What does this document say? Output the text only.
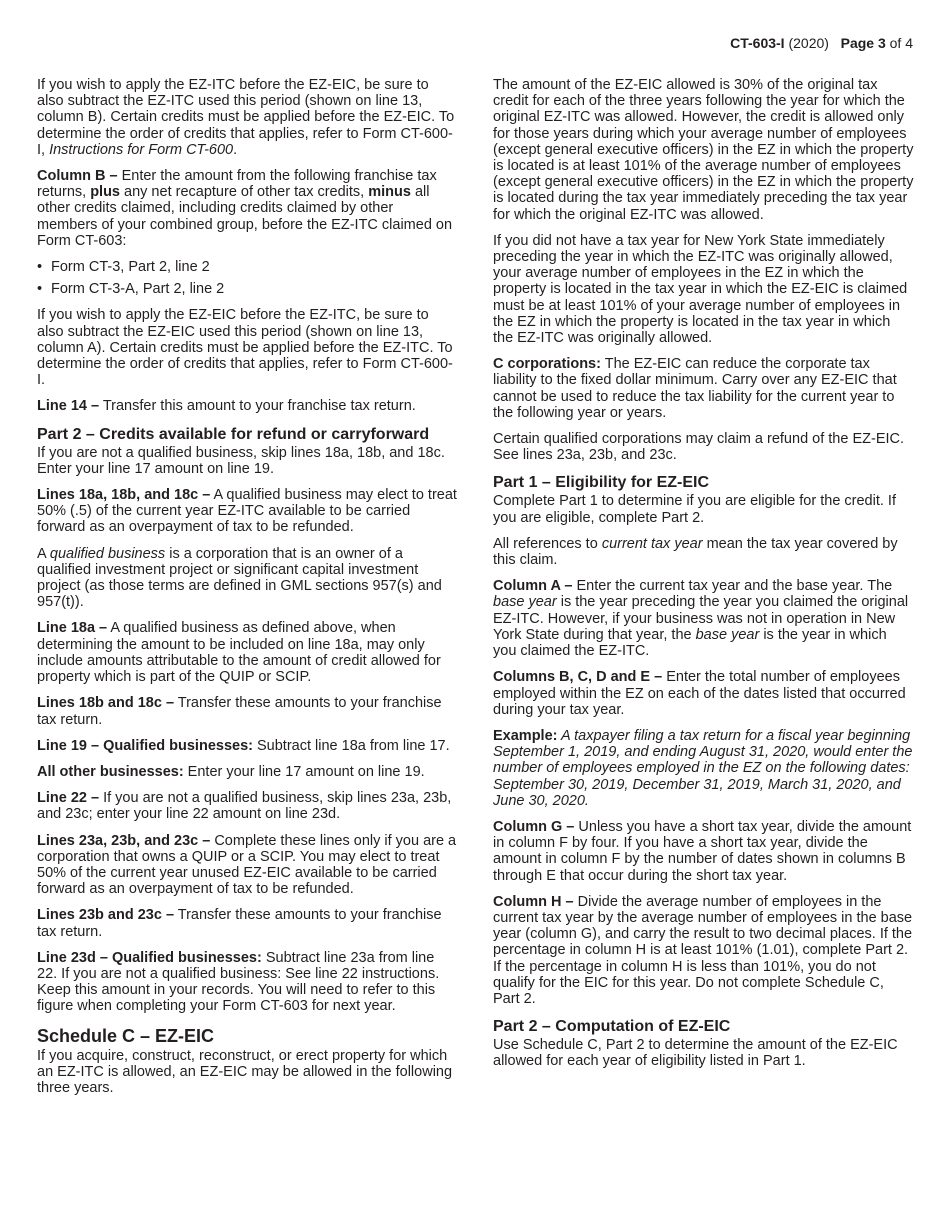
CT-603-I (2020) Page 3 of 4

If you wish to apply the EZ-ITC before the EZ-EIC, be sure to also subtract the EZ-ITC used this period (shown on line 13, column B). Certain credits must be applied before the EZ-EIC. To determine the order of credits that applies, refer to Form CT-600-I, Instructions for Form CT-600.

Column B – Enter the amount from the following franchise tax returns, plus any net recapture of other tax credits, minus all other credits claimed, including credits claimed by other members of your combined group, before the EZ-ITC claimed on Form CT-603:

• Form CT-3, Part 2, line 2
• Form CT-3-A, Part 2, line 2

If you wish to apply the EZ-EIC before the EZ-ITC, be sure to also subtract the EZ-EIC used this period (shown on line 13, column A). Certain credits must be applied before the EZ-ITC. To determine the order of credits that applies, refer to Form CT-600-I.

Line 14 – Transfer this amount to your franchise tax return.

Part 2 – Credits available for refund or carryforward

If you are not a qualified business, skip lines 18a, 18b, and 18c. Enter your line 17 amount on line 19.

Lines 18a, 18b, and 18c – A qualified business may elect to treat 50% (.5) of the current year EZ-ITC available to be carried forward as an overpayment of tax to be refunded.

A qualified business is a corporation that is an owner of a qualified investment project or significant capital investment project (as those terms are defined in GML sections 957(s) and 957(t)).

Line 18a – A qualified business as defined above, when determining the amount to be included on line 18a, may only include amounts attributable to the amount of credit allowed for property which is part of the QUIP or SCIP.

Lines 18b and 18c – Transfer these amounts to your franchise tax return.

Line 19 – Qualified businesses: Subtract line 18a from line 17.

All other businesses: Enter your line 17 amount on line 19.

Line 22 – If you are not a qualified business, skip lines 23a, 23b, and 23c; enter your line 22 amount on line 23d.

Lines 23a, 23b, and 23c – Complete these lines only if you are a corporation that owns a QUIP or a SCIP. You may elect to treat 50% of the current year unused EZ-EIC available to be carried forward as an overpayment of tax to be refunded.

Lines 23b and 23c – Transfer these amounts to your franchise tax return.

Line 23d – Qualified businesses: Subtract line 23a from line 22. If you are not a qualified business: See line 22 instructions. Keep this amount in your records. You will need to refer to this figure when completing your Form CT-603 for next year.

Schedule C – EZ-EIC

If you acquire, construct, reconstruct, or erect property for which an EZ-ITC is allowed, an EZ-EIC may be allowed in the following three years.

The amount of the EZ-EIC allowed is 30% of the original tax credit for each of the three years following the year for which the original EZ-ITC was allowed. However, the credit is allowed only for those years during which your average number of employees (except general executive officers) in the EZ in which the property is located is at least 101% of the average number of employees (except general executive officers) in the EZ in which the property is located during the tax year immediately preceding the tax year for which the original EZ-ITC was allowed.

If you did not have a tax year for New York State immediately preceding the year in which the EZ-ITC was originally allowed, your average number of employees in the EZ in which the property is located in the tax year in which the EZ-EIC is claimed must be at least 101% of your average number of employees in the EZ in which the property is located in the tax year in which the EZ-ITC was originally allowed.

C corporations: The EZ-EIC can reduce the corporate tax liability to the fixed dollar minimum. Carry over any EZ-EIC that cannot be used to reduce the tax liability for the current year to the following year or years.

Certain qualified corporations may claim a refund of the EZ-EIC. See lines 23a, 23b, and 23c.

Part 1 – Eligibility for EZ-EIC

Complete Part 1 to determine if you are eligible for the credit. If you are eligible, complete Part 2.

All references to current tax year mean the tax year covered by this claim.

Column A – Enter the current tax year and the base year. The base year is the year preceding the year you claimed the original EZ-ITC. However, if your business was not in operation in New York State during that year, the base year is the year in which you claimed the EZ-ITC.

Columns B, C, D and E – Enter the total number of employees employed within the EZ on each of the dates listed that occurred during your tax year.

Example: A taxpayer filing a tax return for a fiscal year beginning September 1, 2019, and ending August 31, 2020, would enter the number of employees employed in the EZ on the following dates: September 30, 2019, December 31, 2019, March 31, 2020, and June 30, 2020.

Column G – Unless you have a short tax year, divide the amount in column F by four. If you have a short tax year, divide the amount in column F by the number of dates shown in columns B through E that occur during the short tax year.

Column H – Divide the average number of employees in the current tax year by the average number of employees in the base year (column G), and carry the result to two decimal places. If the percentage in column H is at least 101% (1.01), complete Part 2. If the percentage in column H is less than 101%, you do not qualify for the EIC for this year. Do not complete Schedule C, Part 2.

Part 2 – Computation of EZ-EIC

Use Schedule C, Part 2 to determine the amount of the EZ-EIC allowed for each year of eligibility listed in Part 1.
